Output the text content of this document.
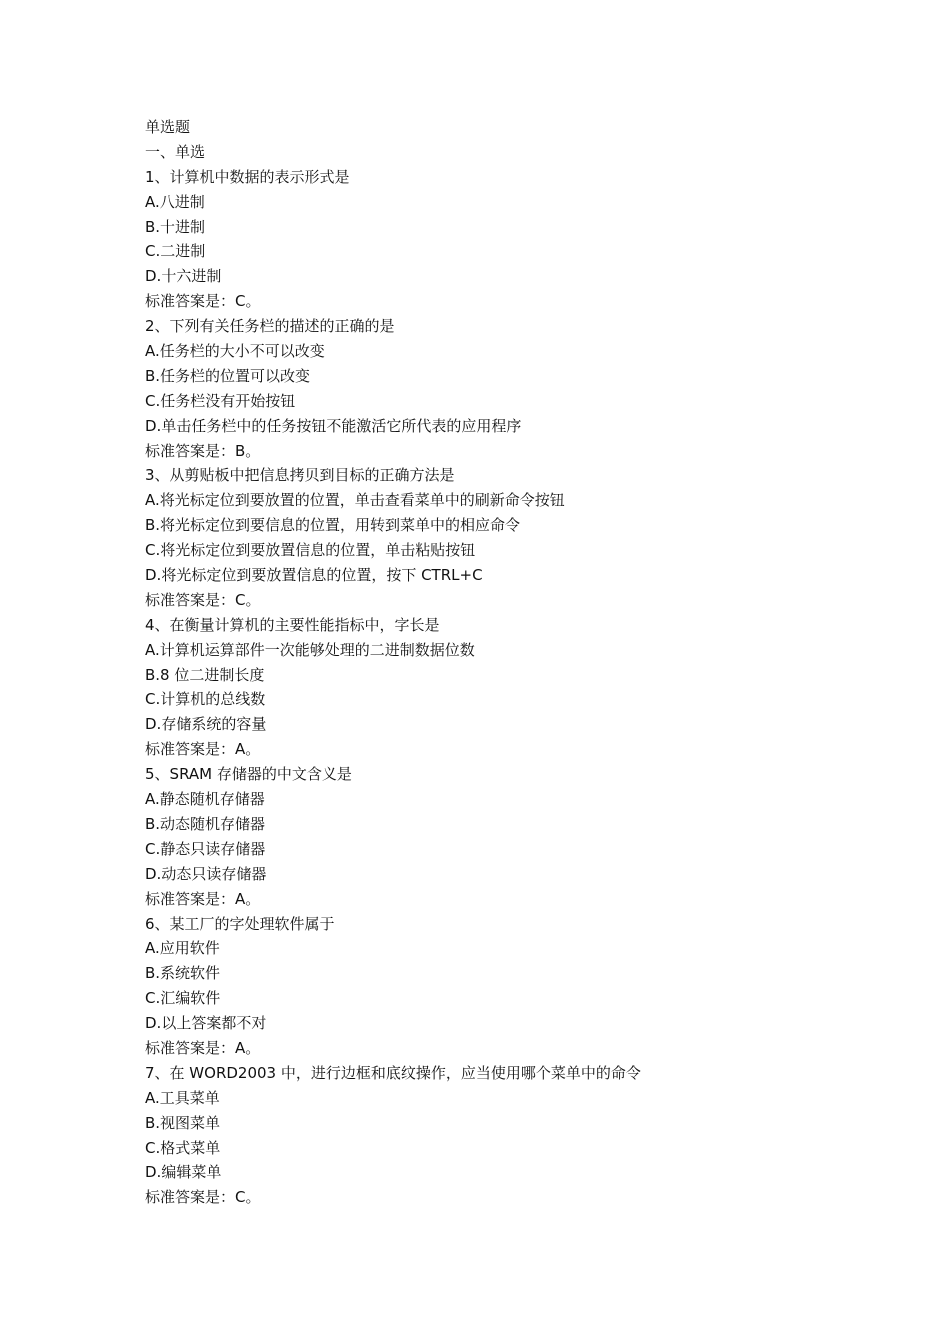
单选题
一、单选
1、计算机中数据的表示形式是
A.八进制
B.十进制
C.二进制
D.十六进制
标准答案是：C。
2、下列有关任务栏的描述的正确的是
A.任务栏的大小不可以改变
B.任务栏的位置可以改变
C.任务栏没有开始按钮
D.单击任务栏中的任务按钮不能激活它所代表的应用程序
标准答案是：B。
3、从剪贴板中把信息拷贝到目标的正确方法是
A.将光标定位到要放置的位置，单击查看菜单中的刷新命令按钮
B.将光标定位到要信息的位置，用转到菜单中的相应命令
C.将光标定位到要放置信息的位置，单击粘贴按钮
D.将光标定位到要放置信息的位置，按下 CTRL+C
标准答案是：C。
4、在衡量计算机的主要性能指标中，字长是
A.计算机运算部件一次能够处理的二进制数据位数
B.8 位二进制长度
C.计算机的总线数
D.存储系统的容量
标准答案是：A。
5、SRAM 存储器的中文含义是
A.静态随机存储器
B.动态随机存储器
C.静态只读存储器
D.动态只读存储器
标准答案是：A。
6、某工厂的字处理软件属于
A.应用软件
B.系统软件
C.汇编软件
D.以上答案都不对
标准答案是：A。
7、在 WORD2003 中，进行边框和底纹操作，应当使用哪个菜单中的命令
A.工具菜单
B.视图菜单
C.格式菜单
D.编辑菜单
标准答案是：C。
